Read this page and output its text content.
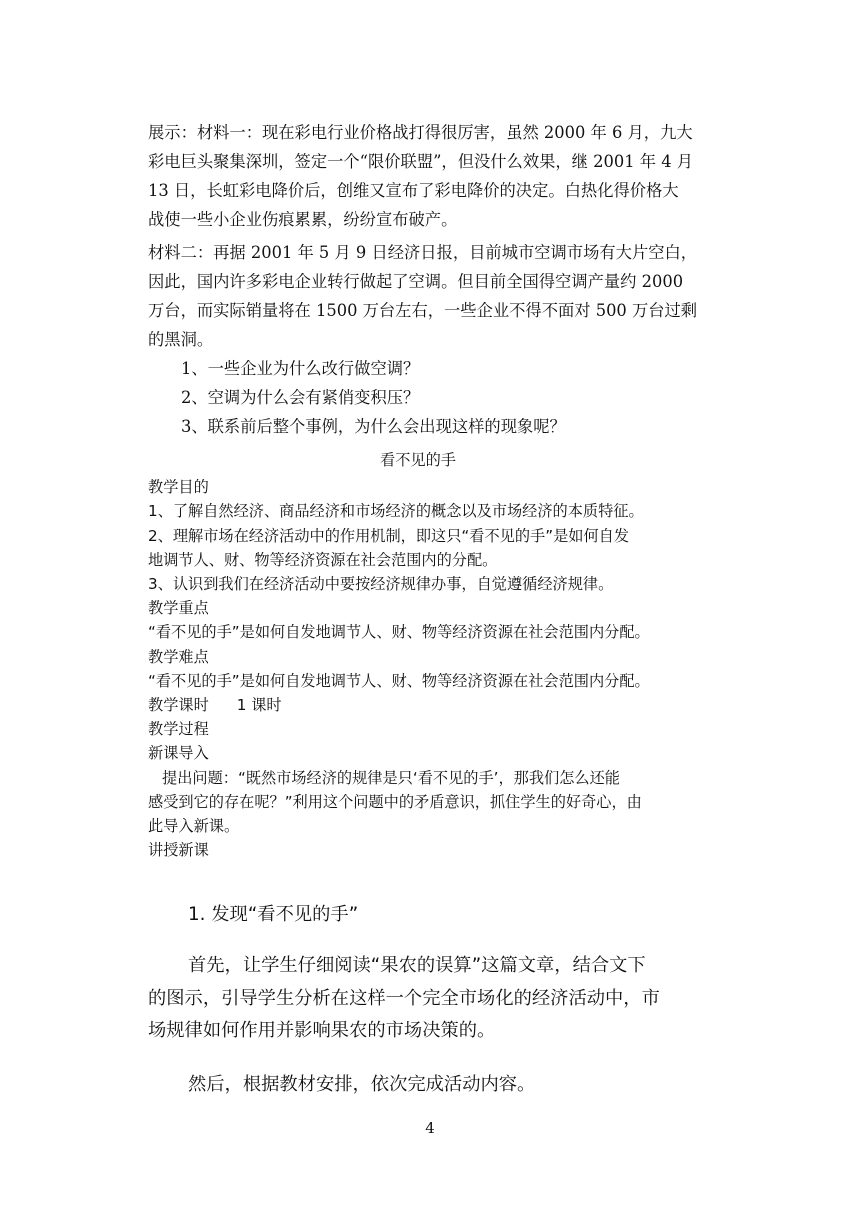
展示：材料一：现在彩电行业价格战打得很厉害，虽然 2000 年 6 月，九大

彩电巨头聚集深圳，签定一个“限价联盟”，但没什么效果，继 2001 年 4 月

13 日，长虹彩电降价后，创维又宣布了彩电降价的决定。白热化得价格大

战使一些小企业伤痕累累，纷纷宣布破产。

材料二：再据 2001 年 5 月 9 日经济日报，目前城市空调市场有大片空白，

因此，国内许多彩电企业转行做起了空调。但目前全国得空调产量约 2000

万台，而实际销量将在 1500 万台左右，一些企业不得不面对 500 万台过剩

的黑洞。

1、一些企业为什么改行做空调？

2、空调为什么会有紧俏变积压？

3、联系前后整个事例，为什么会出现这样的现象呢？

看不见的手

教学目的

1、了解自然经济、商品经济和市场经济的概念以及市场经济的本质特征。

2、理解市场在经济活动中的作用机制，即这只“看不见的手”是如何自发

地调节人、财、物等经济资源在社会范围内的分配。

3、认识到我们在经济活动中要按经济规律办事，自觉遵循经济规律。

教学重点

“看不见的手”是如何自发地调节人、财、物等经济资源在社会范围内分配。

教学难点

“看不见的手”是如何自发地调节人、财、物等经济资源在社会范围内分配。

教学课时 1 课时

教学过程

新课导入

提出问题：“既然市场经济的规律是只‘看不见的手’，那我们怎么还能

感受到它的存在呢？”利用这个问题中的矛盾意识，抓住学生的好奇心，由

此导入新课。

讲授新课

1. 发现“看不见的手”

首先，让学生仔细阅读“果农的误算”这篇文章，结合文下

的图示，引导学生分析在这样一个完全市场化的经济活动中，市

场规律如何作用并影响果农的市场决策的。

然后，根据教材安排，依次完成活动内容。

4
